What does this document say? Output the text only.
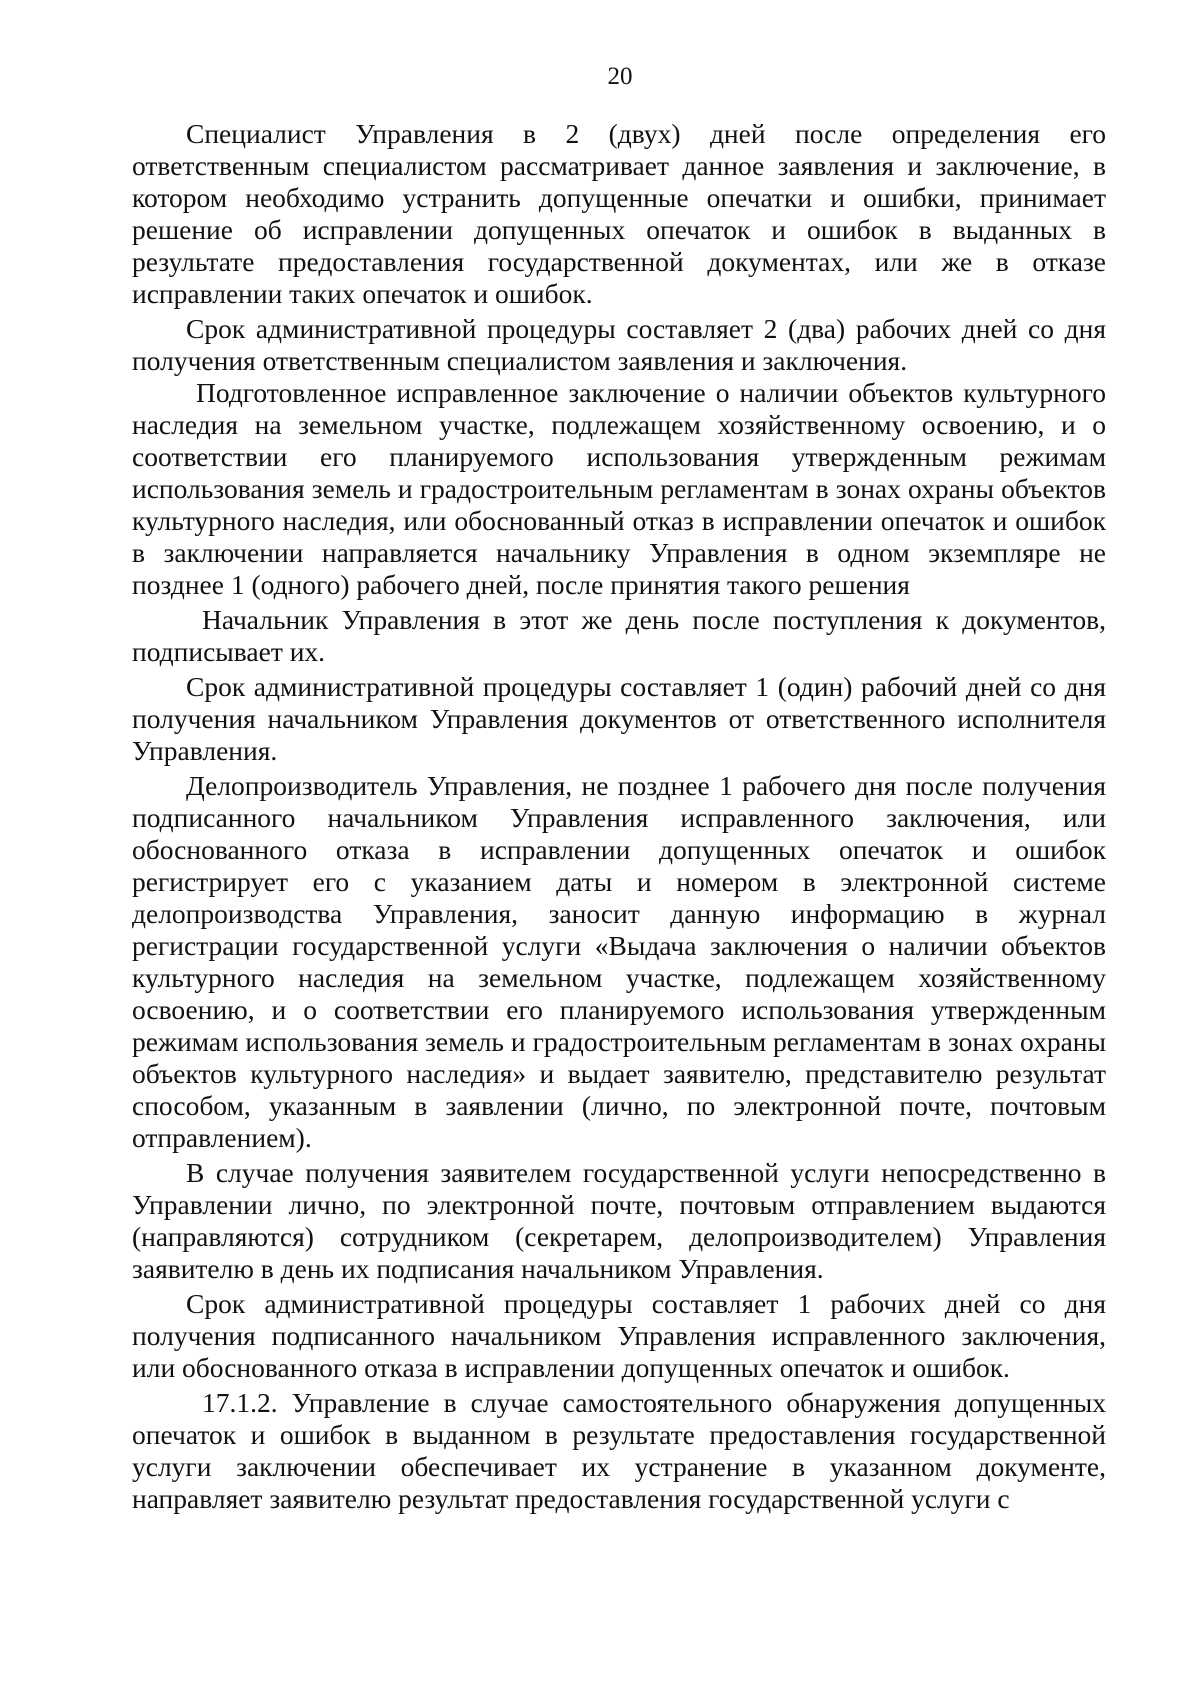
20

Специалист Управления в 2 (двух) дней после определения его ответственным специалистом рассматривает данное заявления и заключение, в котором необходимо устранить допущенные опечатки и ошибки, принимает решение об исправлении допущенных опечаток и ошибок в выданных в результате предоставления государственной документах, или же в отказе исправлении таких опечаток и ошибок.

Срок административной процедуры составляет 2 (два) рабочих дней со дня получения ответственным специалистом заявления и заключения.

Подготовленное исправленное заключение о наличии объектов культурного наследия на земельном участке, подлежащем хозяйственному освоению, и о соответствии его планируемого использования утвержденным режимам использования земель и градостроительным регламентам в зонах охраны объектов культурного наследия, или обоснованный отказ в исправлении опечаток и ошибок в заключении направляется начальнику Управления в одном экземпляре не позднее 1 (одного) рабочего дней, после принятия такого решения

Начальник Управления в этот же день после поступления к документов, подписывает их.

Срок административной процедуры составляет 1 (один) рабочий дней со дня получения начальником Управления документов от ответственного исполнителя Управления.

Делопроизводитель Управления, не позднее 1 рабочего дня после получения подписанного начальником Управления исправленного заключения, или обоснованного отказа в исправлении допущенных опечаток и ошибок регистрирует его с указанием даты и номером в электронной системе делопроизводства Управления, заносит данную информацию в журнал регистрации государственной услуги «Выдача заключения о наличии объектов культурного наследия на земельном участке, подлежащем хозяйственному освоению, и о соответствии его планируемого использования утвержденным режимам использования земель и градостроительным регламентам в зонах охраны объектов культурного наследия» и выдает заявителю, представителю результат способом, указанным в заявлении (лично, по электронной почте, почтовым отправлением).

В случае получения заявителем государственной услуги непосредственно в Управлении лично, по электронной почте, почтовым отправлением выдаются (направляются) сотрудником (секретарем, делопроизводителем) Управления заявителю в день их подписания начальником Управления.

Срок административной процедуры составляет 1 рабочих дней со дня получения подписанного начальником Управления исправленного заключения, или обоснованного отказа в исправлении допущенных опечаток и ошибок.

17.1.2. Управление в случае самостоятельного обнаружения допущенных опечаток и ошибок в выданном в результате предоставления государственной услуги заключении обеспечивает их устранение в указанном документе, направляет заявителю результат предоставления государственной услуги с
